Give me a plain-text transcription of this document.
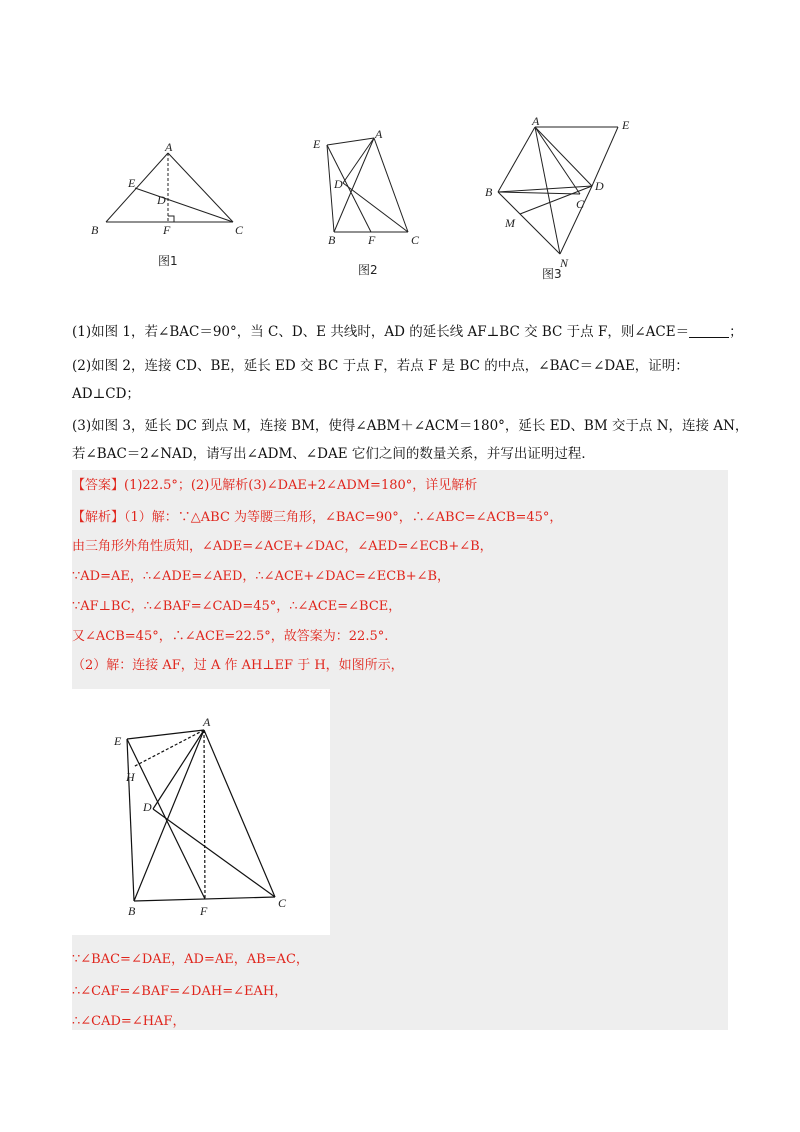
A
E
D
B	F	C
图1
E
A
D
B	F	C
图2
A	E
B
C
D
M
N
图3
(1)如图 1，若∠BAC＝90°，当 C、D、E 共线时，AD 的延长线 AF⊥BC 交 BC 于点 F，则∠ACE＝	；
(2)如图 2，连接 CD、BE，延长 ED 交 BC 于点 F，若点 F 是 BC 的中点，∠BAC＝∠DAE，证明：
AD⊥CD；
(3)如图 3，延长 DC 到点 M，连接 BM，使得∠ABM＋∠ACM＝180°，延长 ED、BM 交于点 N，连接 AN，
若∠BAC＝2∠NAD，请写出∠ADM、∠DAE 它们之间的数量关系，并写出证明过程．
【答案】(1)22.5°；(2)见解析(3)∠DAE+2∠ADM=180°，详见解析
【解析】（1）解：∵△ABC 为等腰三角形，∠BAC=90°，∴∠ABC=∠ACB=45°，
由三角形外角性质知，∠ADE=∠ACE+∠DAC，∠AED=∠ECB+∠B，
∵AD=AE，∴∠ADE=∠AED，∴∠ACE+∠DAC=∠ECB+∠B，
∵AF⊥BC，∴∠BAF=∠CAD=45°，∴∠ACE=∠BCE，
又∠ACB=45°，∴∠ACE=22.5°，故答案为：22.5°.
（2）解：连接 AF，过 A 作 AH⊥EF 于 H，如图所示，
E
A
H
D
B	F
C
∵∠BAC=∠DAE，AD=AE，AB=AC，
∴∠CAF=∠BAF=∠DAH=∠EAH，
∴∠CAD=∠HAF，
